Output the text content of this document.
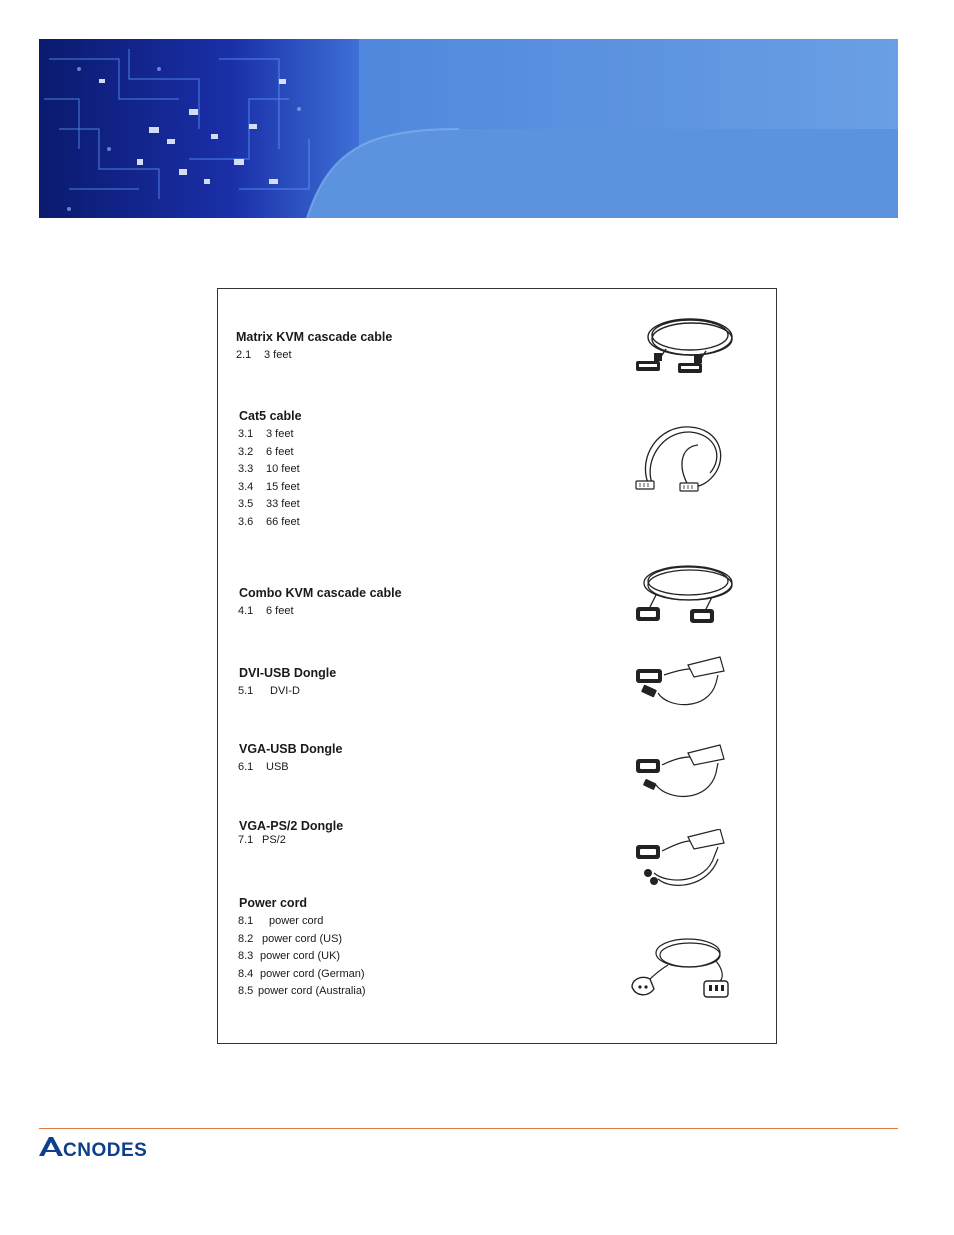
Matrix KVM cascade cable
2.1 3 feet
Cat5 cable
3.1 3 feet
3.2 6 feet
3.3 10 feet
3.4 15 feet
3.5 33 feet
3.6 66 feet
Combo KVM cascade cable
4.1 6 feet
DVI-USB Dongle
5.1 DVI-D
VGA-USB Dongle
6.1 USB
VGA-PS/2 Dongle
7.1 PS/2
Power cord
8.1 power cord
8.2 power cord (US)
8.3 power cord (UK)
8.4 power cord (German)
8.5 power cord (Australia)
CNODES
